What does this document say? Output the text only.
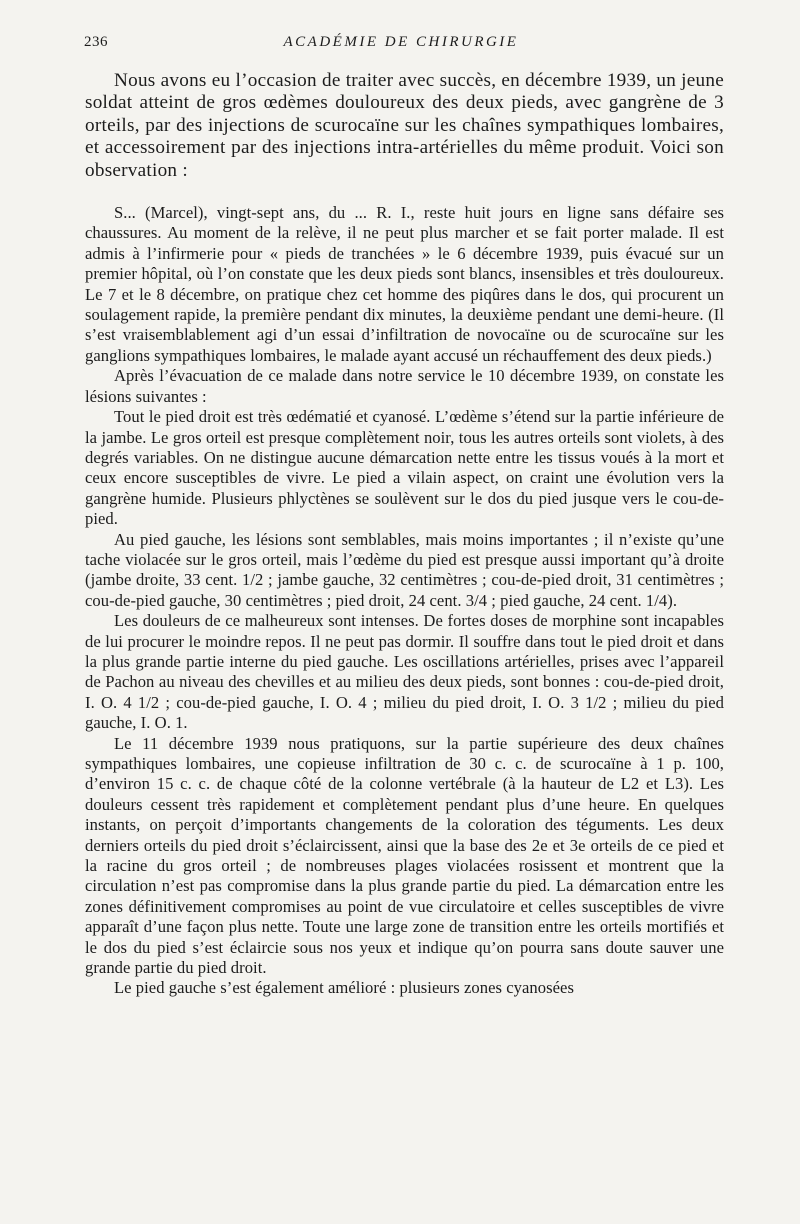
236	ACADÉMIE DE CHIRURGIE

Nous avons eu l’occasion de traiter avec succès, en décembre 1939, un jeune soldat atteint de gros œdèmes douloureux des deux pieds, avec gangrène de 3 orteils, par des injections de scurocaïne sur les chaînes sympathiques lombaires, et accessoirement par des injections intra-artérielles du même produit. Voici son observation :

S... (Marcel), vingt-sept ans, du ... R. I., reste huit jours en ligne sans défaire ses chaussures. Au moment de la relève, il ne peut plus marcher et se fait porter malade. Il est admis à l’infirmerie pour « pieds de tranchées » le 6 décembre 1939, puis évacué sur un premier hôpital, où l’on constate que les deux pieds sont blancs, insensibles et très douloureux. Le 7 et le 8 décembre, on pratique chez cet homme des piqûres dans le dos, qui procurent un soulagement rapide, la première pendant dix minutes, la deuxième pendant une demi-heure. (Il s’est vraisemblablement agi d’un essai d’infiltration de novocaïne ou de scurocaïne sur les ganglions sympathiques lombaires, le malade ayant accusé un réchauffement des deux pieds.)

Après l’évacuation de ce malade dans notre service le 10 décembre 1939, on constate les lésions suivantes :

Tout le pied droit est très œdématié et cyanosé. L’œdème s’étend sur la partie inférieure de la jambe. Le gros orteil est presque complètement noir, tous les autres orteils sont violets, à des degrés variables. On ne distingue aucune démarcation nette entre les tissus voués à la mort et ceux encore susceptibles de vivre. Le pied a vilain aspect, on craint une évolution vers la gangrène humide. Plusieurs phlyctènes se soulèvent sur le dos du pied jusque vers le cou-de-pied.

Au pied gauche, les lésions sont semblables, mais moins importantes ; il n’existe qu’une tache violacée sur le gros orteil, mais l’œdème du pied est presque aussi important qu’à droite (jambe droite, 33 cent. 1/2 ; jambe gauche, 32 centimètres ; cou-de-pied droit, 31 centimètres ; cou-de-pied gauche, 30 centimètres ; pied droit, 24 cent. 3/4 ; pied gauche, 24 cent. 1/4).

Les douleurs de ce malheureux sont intenses. De fortes doses de morphine sont incapables de lui procurer le moindre repos. Il ne peut pas dormir. Il souffre dans tout le pied droit et dans la plus grande partie interne du pied gauche. Les oscillations artérielles, prises avec l’appareil de Pachon au niveau des chevilles et au milieu des deux pieds, sont bonnes : cou-de-pied droit, I. O. 4 1/2 ; cou-de-pied gauche, I. O. 4 ; milieu du pied droit, I. O. 3 1/2 ; milieu du pied gauche, I. O. 1.

Le 11 décembre 1939 nous pratiquons, sur la partie supérieure des deux chaînes sympathiques lombaires, une copieuse infiltration de 30 c. c. de scurocaïne à 1 p. 100, d’environ 15 c. c. de chaque côté de la colonne vertébrale (à la hauteur de L2 et L3). Les douleurs cessent très rapidement et complètement pendant plus d’une heure. En quelques instants, on perçoit d’importants changements de la coloration des téguments. Les deux derniers orteils du pied droit s’éclaircissent, ainsi que la base des 2e et 3e orteils de ce pied et la racine du gros orteil ; de nombreuses plages violacées rosissent et montrent que la circulation n’est pas compromise dans la plus grande partie du pied. La démarcation entre les zones définitivement compromises au point de vue circulatoire et celles susceptibles de vivre apparaît d’une façon plus nette. Toute une large zone de transition entre les orteils mortifiés et le dos du pied s’est éclaircie sous nos yeux et indique qu’on pourra sans doute sauver une grande partie du pied droit.

Le pied gauche s’est également amélioré : plusieurs zones cyanosées
